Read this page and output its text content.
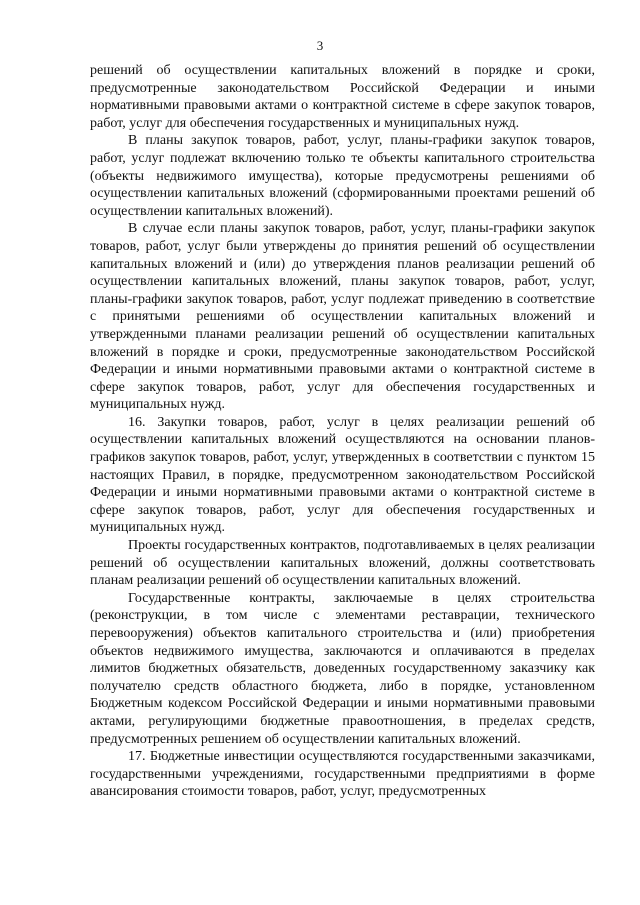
3

решений об осуществлении капитальных вложений в порядке и сроки, предусмотренные законодательством Российской Федерации и иными нормативными правовыми актами о контрактной системе в сфере закупок товаров, работ, услуг для обеспечения государственных и муниципальных нужд.

В планы закупок товаров, работ, услуг, планы-графики закупок товаров, работ, услуг подлежат включению только те объекты капитального строительства (объекты недвижимого имущества), которые предусмотрены решениями об осуществлении капитальных вложений (сформированными проектами решений об осуществлении капитальных вложений).

В случае если планы закупок товаров, работ, услуг, планы-графики закупок товаров, работ, услуг были утверждены до принятия решений об осуществлении капитальных вложений и (или) до утверждения планов реализации решений об осуществлении капитальных вложений, планы закупок товаров, работ, услуг, планы-графики закупок товаров, работ, услуг подлежат приведению в соответствие с принятыми решениями об осуществлении капитальных вложений и утвержденными планами реализации решений об осуществлении капитальных вложений в порядке и сроки, предусмотренные законодательством Российской Федерации и иными нормативными правовыми актами о контрактной системе в сфере закупок товаров, работ, услуг для обеспечения государственных и муниципальных нужд.

16. Закупки товаров, работ, услуг в целях реализации решений об осуществлении капитальных вложений осуществляются на основании планов-графиков закупок товаров, работ, услуг, утвержденных в соответствии с пунктом 15 настоящих Правил, в порядке, предусмотренном законодательством Российской Федерации и иными нормативными правовыми актами о контрактной системе в сфере закупок товаров, работ, услуг для обеспечения государственных и муниципальных нужд.

Проекты государственных контрактов, подготавливаемых в целях реализации решений об осуществлении капитальных вложений, должны соответствовать планам реализации решений об осуществлении капитальных вложений.

Государственные контракты, заключаемые в целях строительства (реконструкции, в том числе с элементами реставрации, технического перевооружения) объектов капитального строительства и (или) приобретения объектов недвижимого имущества, заключаются и оплачиваются в пределах лимитов бюджетных обязательств, доведенных государственному заказчику как получателю средств областного бюджета, либо в порядке, установленном Бюджетным кодексом Российской Федерации и иными нормативными правовыми актами, регулирующими бюджетные правоотношения, в пределах средств, предусмотренных решением об осуществлении капитальных вложений.

17. Бюджетные инвестиции осуществляются государственными заказчиками, государственными учреждениями, государственными предприятиями в форме авансирования стоимости товаров, работ, услуг, предусмотренных
